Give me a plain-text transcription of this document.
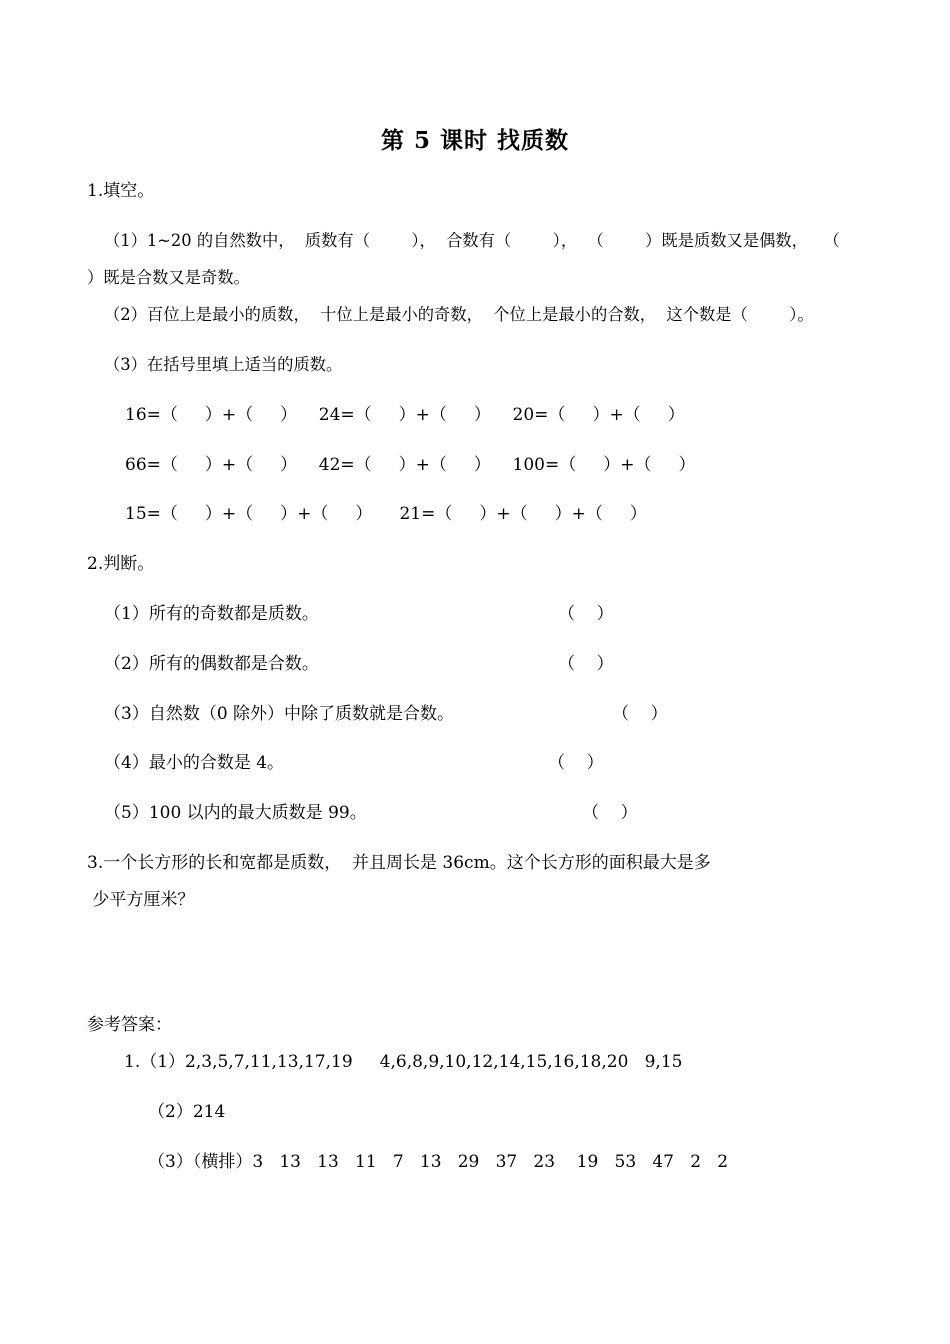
第 5 课时 找质数
1.填空。
（1）1~20 的自然数中，  质数有（        ），  合数有（        ），  （        ）既是质数又是偶数，   （
）既是合数又是奇数。
（2）百位上是最小的质数，  十位上是最小的奇数，  个位上是最小的合数，  这个数是（        ）。
（3）在括号里填上适当的质数。
16=（     ）+（     ）    24=（     ）+（     ）    20=（     ）+（     ）
66=（     ）+（     ）    42=（     ）+（     ）    100=（     ）+（     ）
15=（     ）+（     ）+（     ）     21=（     ）+（     ）+（     ）
2.判断。
（1）所有的奇数都是质数。	（    ）
（2）所有的偶数都是合数。	（    ）
（3）自然数（0 除外）中除了质数就是合数。	（    ）
（4）最小的合数是 4。	（    ）
（5）100 以内的最大质数是 99。	（    ）
3.一个长方形的长和宽都是质数，  并且周长是 36cm。这个长方形的面积最大是多
少平方厘米？
参考答案：
1.（1）2,3,5,7,11,13,17,19     4,6,8,9,10,12,14,15,16,18,20   9,15
（2）214
（3）（横排）3   13   13   11   7   13   29   37   23    19   53   47   2   2
